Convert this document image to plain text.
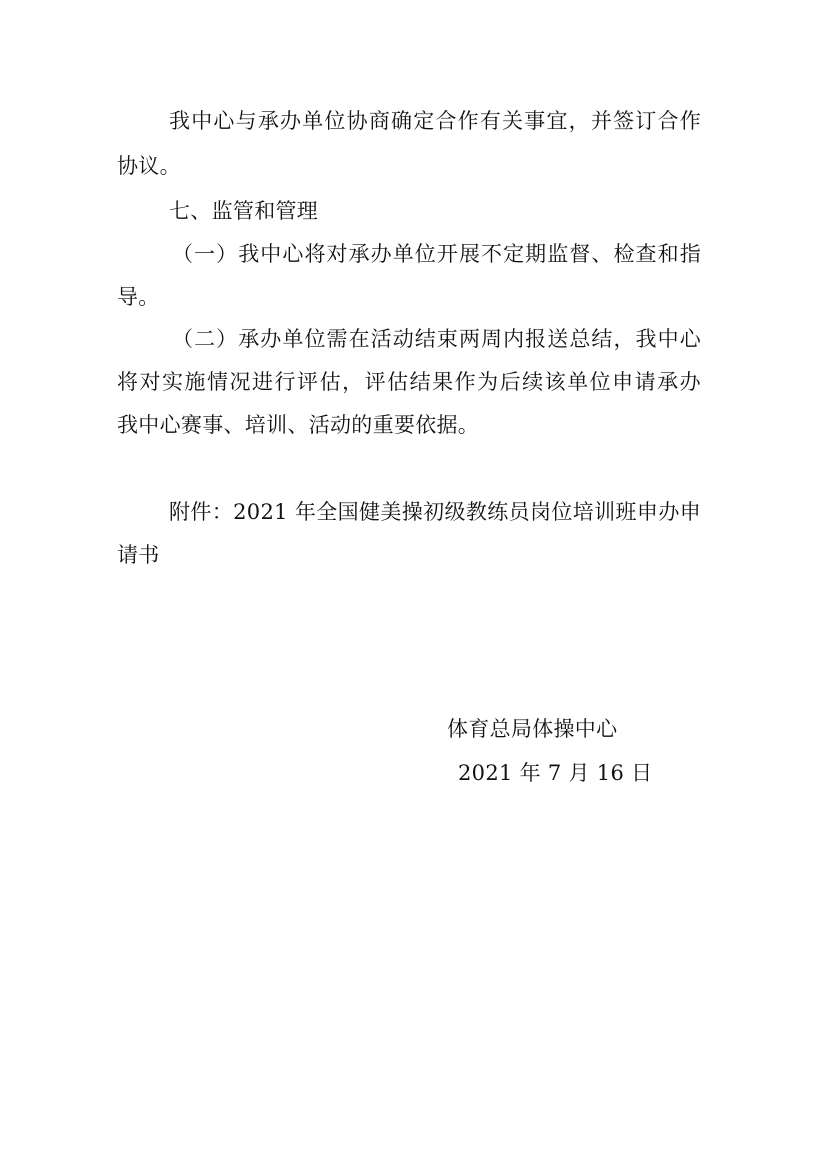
我中心与承办单位协商确定合作有关事宜，并签订合作
协议。
七、监管和管理
（一）我中心将对承办单位开展不定期监督、检查和指
导。
（二）承办单位需在活动结束两周内报送总结，我中心
将对实施情况进行评估，评估结果作为后续该单位申请承办
我中心赛事、培训、活动的重要依据。
附件：2021 年全国健美操初级教练员岗位培训班申办申
请书
体育总局体操中心
2021 年 7 月 16 日
